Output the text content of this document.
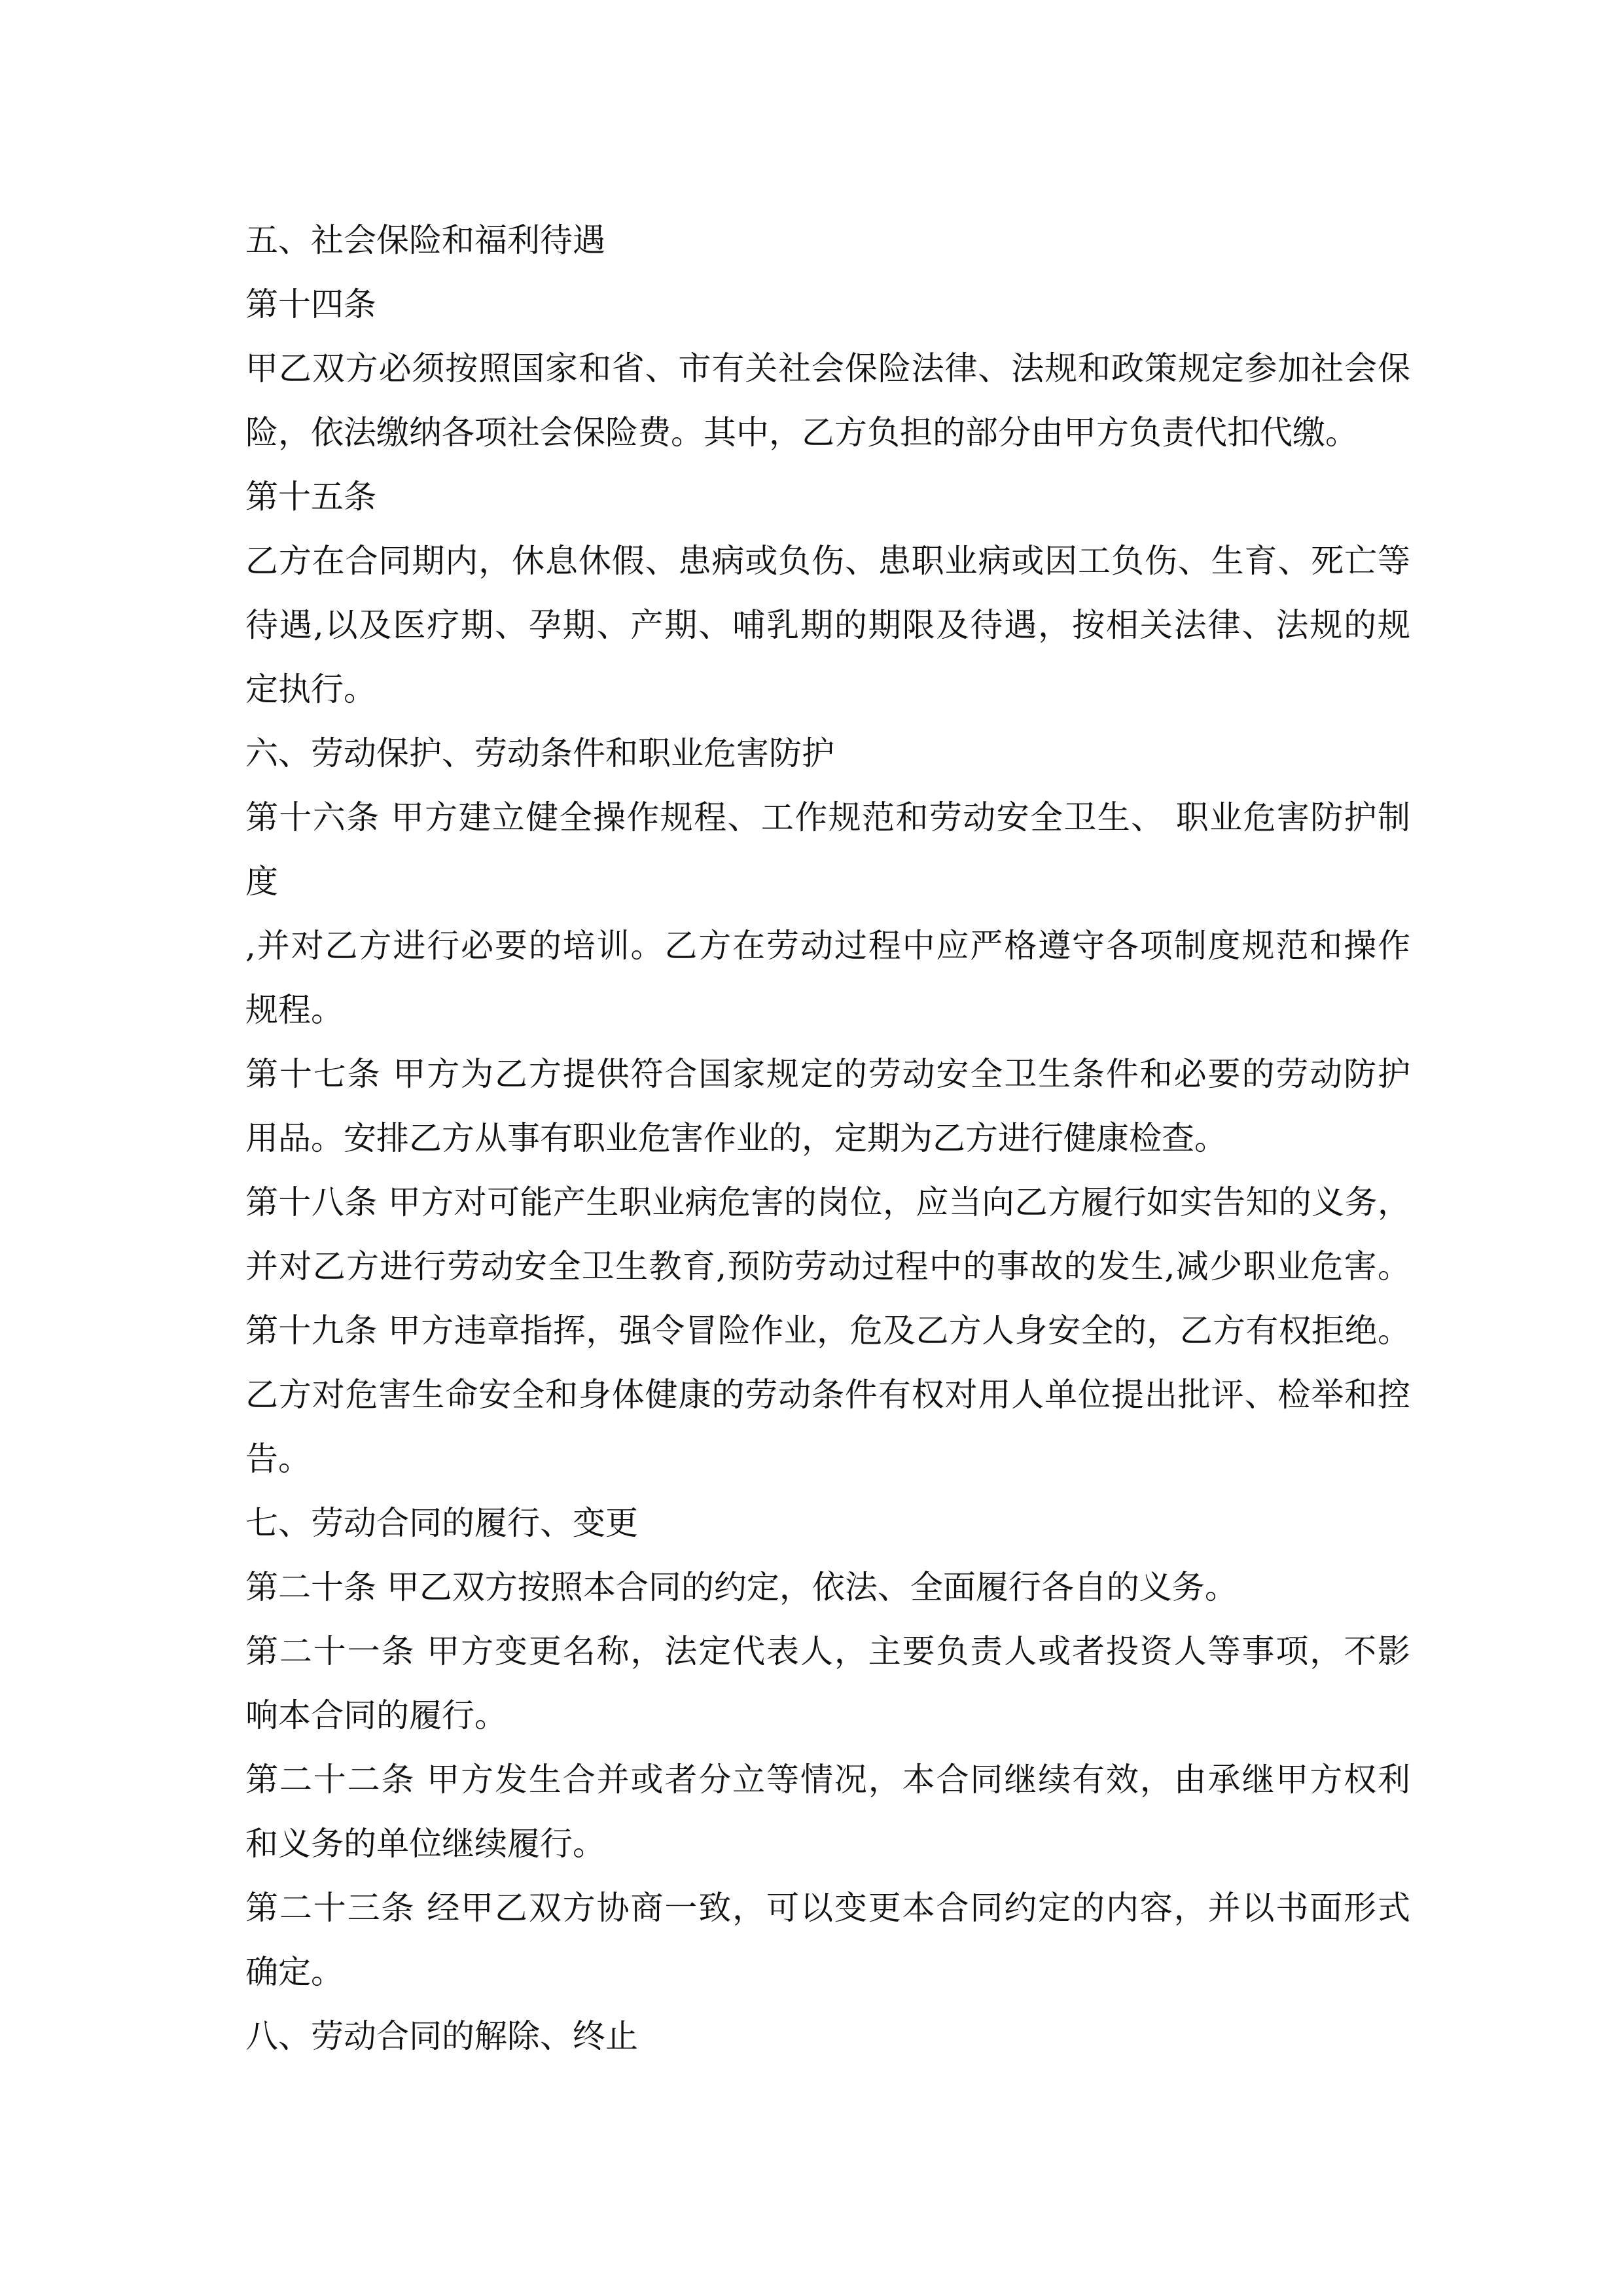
五、社会保险和福利待遇
第十四条
甲乙双方必须按照国家和省、市有关社会保险法律、法规和政策规定参加社会保
险，依法缴纳各项社会保险费。其中，乙方负担的部分由甲方负责代扣代缴。
第十五条
乙方在合同期内，休息休假、患病或负伤、患职业病或因工负伤、生育、死亡等
待遇,以及医疗期、孕期、产期、哺乳期的期限及待遇，按相关法律、法规的规
定执行。
六、劳动保护、劳动条件和职业危害防护
第十六条 甲方建立健全操作规程、工作规范和劳动安全卫生、 职业危害防护制
度
,并对乙方进行必要的培训。乙方在劳动过程中应严格遵守各项制度规范和操作
规程。
第十七条 甲方为乙方提供符合国家规定的劳动安全卫生条件和必要的劳动防护
用品。安排乙方从事有职业危害作业的，定期为乙方进行健康检查。
第十八条 甲方对可能产生职业病危害的岗位，应当向乙方履行如实告知的义务，
并对乙方进行劳动安全卫生教育,预防劳动过程中的事故的发生,减少职业危害。
第十九条 甲方违章指挥，强令冒险作业，危及乙方人身安全的，乙方有权拒绝。
乙方对危害生命安全和身体健康的劳动条件有权对用人单位提出批评、检举和控
告。
七、劳动合同的履行、变更
第二十条 甲乙双方按照本合同的约定，依法、全面履行各自的义务。
第二十一条 甲方变更名称，法定代表人，主要负责人或者投资人等事项，不影
响本合同的履行。
第二十二条 甲方发生合并或者分立等情况，本合同继续有效，由承继甲方权利
和义务的单位继续履行。
第二十三条 经甲乙双方协商一致，可以变更本合同约定的内容，并以书面形式
确定。
八、劳动合同的解除、终止
